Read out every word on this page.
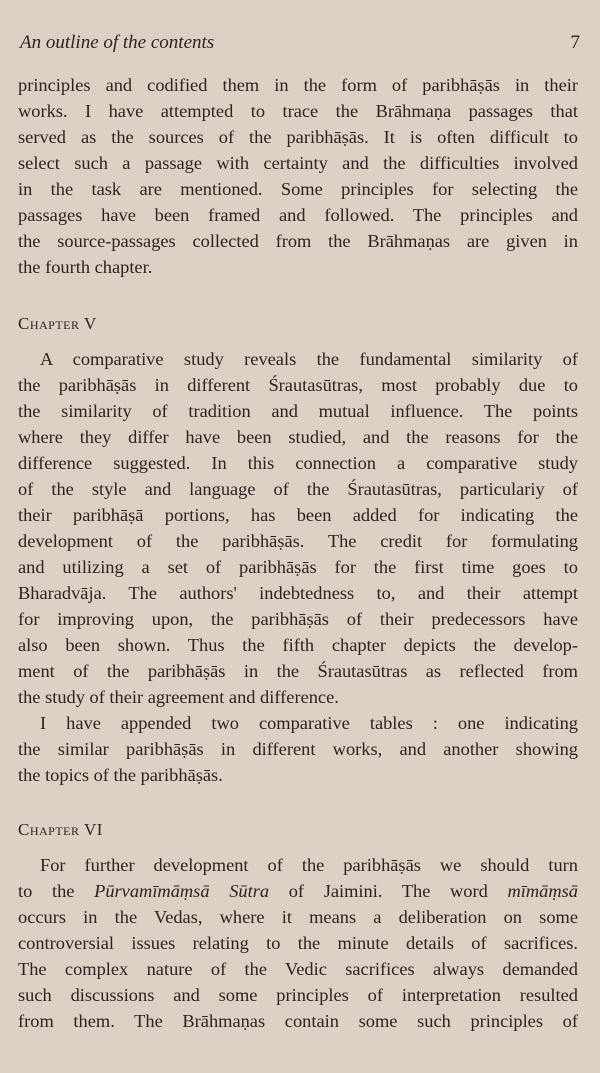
An outline of the contents	7
principles and codified them in the form of paribhāṣās in their
works. I have attempted to trace the Brāhmaṇa passages that
served as the sources of the paribhāṣās. It is often difficult to
select such a passage with certainty and the difficulties involved
in the task are mentioned. Some principles for selecting the
passages have been framed and followed. The principles and
the source-passages collected from the Brāhmaṇas are given in
the fourth chapter.
Chapter V
A comparative study reveals the fundamental similarity of
the paribhāṣās in different Śrautasūtras, most probably due to
the similarity of tradition and mutual influence. The points
where they differ have been studied, and the reasons for the
difference suggested. In this connection a comparative study
of the style and language of the Śrautasūtras, particulariy of
their paribhāṣā portions, has been added for indicating the
development of the paribhāṣās. The credit for formulating
and utilizing a set of paribhāṣās for the first time goes to
Bharadvāja. The authors' indebtedness to, and their attempt
for improving upon, the paribhāṣās of their predecessors have
also been shown. Thus the fifth chapter depicts the develop-
ment of the paribhāṣās in the Śrautasūtras as reflected from
the study of their agreement and difference.
I have appended two comparative tables : one indicating
the similar paribhāṣās in different works, and another showing
the topics of the paribhāṣās.
Chapter VI
For further development of the paribhāṣās we should turn
to the Pūrvamīmāṃsā Sūtra of Jaimini. The word mīmāṃsā
occurs in the Vedas, where it means a deliberation on some
controversial issues relating to the minute details of sacrifices.
The complex nature of the Vedic sacrifices always demanded
such discussions and some principles of interpretation resulted
from them. The Brāhmaṇas contain some such principles of
